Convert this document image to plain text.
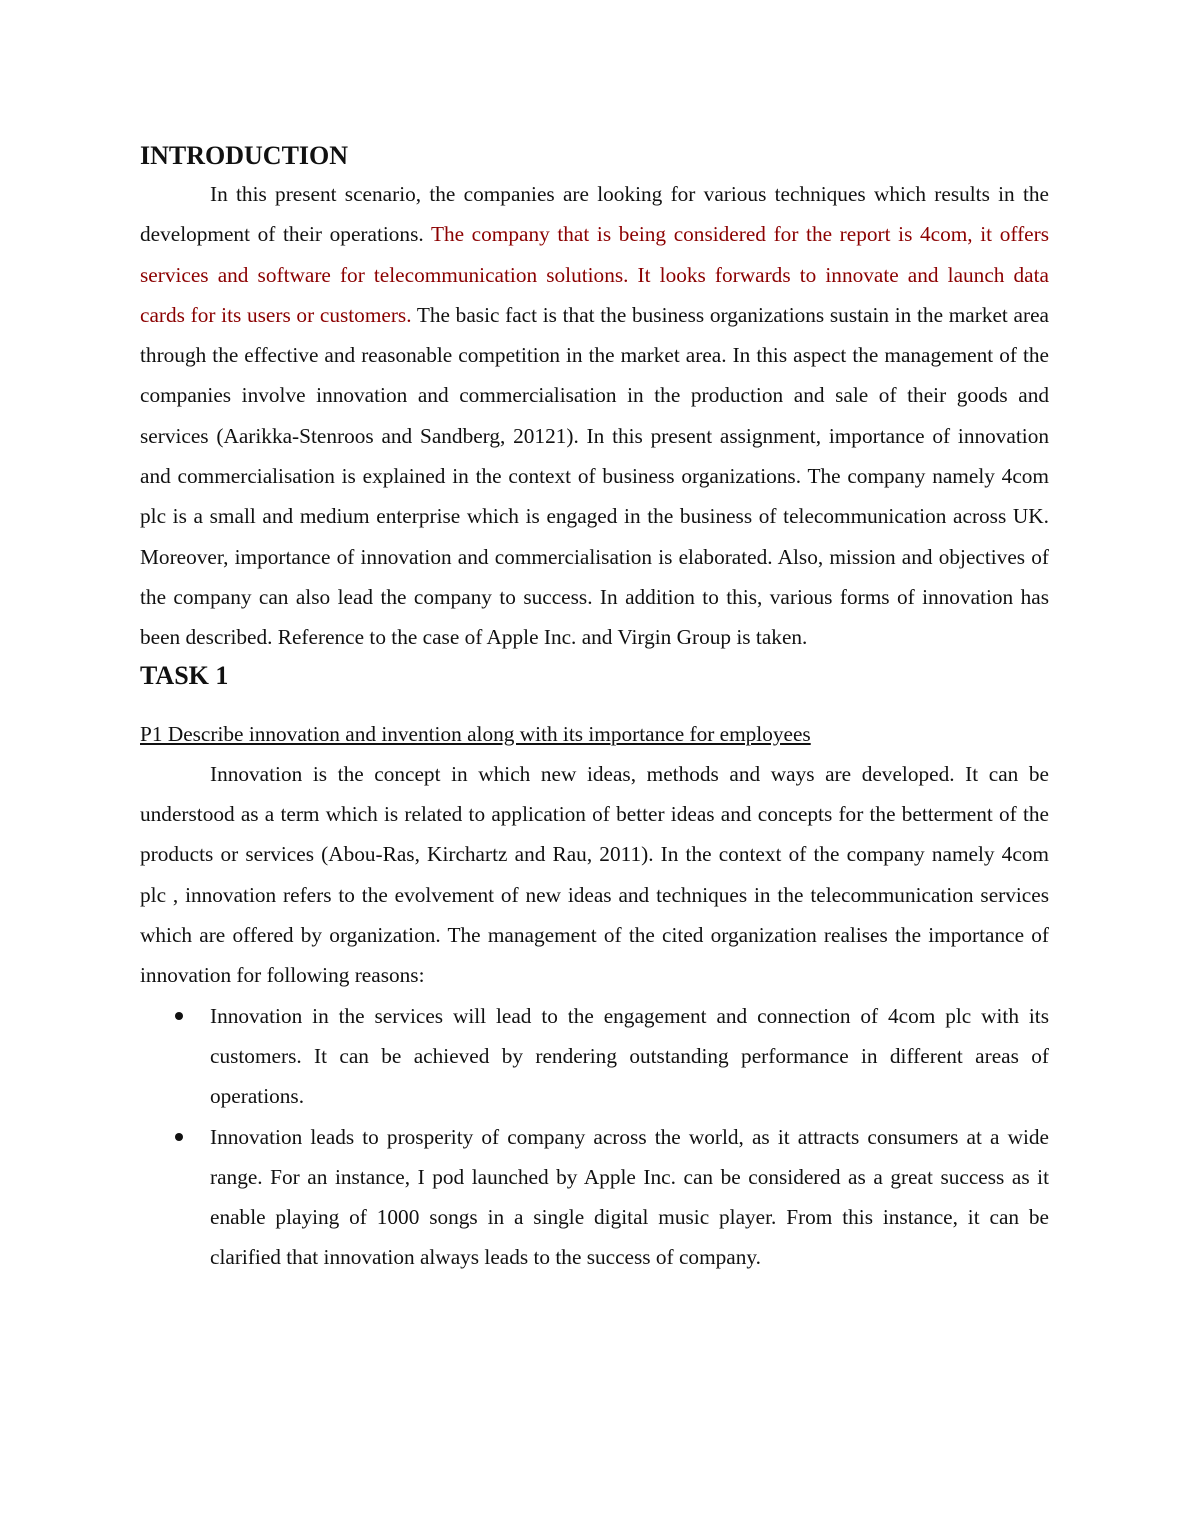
INTRODUCTION

In this present scenario, the companies are looking for various techniques which results in the development of their operations. The company that is being considered for the report is 4com, it offers services and software for telecommunication solutions. It looks forwards to innovate and launch data cards for its users or customers. The basic fact is that the business organizations sustain in the market area through the effective and reasonable competition in the market area. In this aspect the management of the companies involve innovation and commercialisation in the production and sale of their goods and services (Aarikka-Stenroos and Sandberg, 20121). In this present assignment, importance of innovation and commercialisation is explained in the context of business organizations. The company namely 4com plc is a small and medium enterprise which is engaged in the business of telecommunication across UK. Moreover, importance of innovation and commercialisation is elaborated. Also, mission and objectives of the company can also lead the company to success. In addition to this, various forms of innovation has been described. Reference to the case of Apple Inc. and Virgin Group is taken.

TASK 1

P1 Describe innovation and invention along with its importance for employees

Innovation is the concept in which new ideas, methods and ways are developed. It can be understood as a term which is related to application of better ideas and concepts for the betterment of the products or services (Abou-Ras, Kirchartz and Rau, 2011). In the context of the company namely 4com plc , innovation refers to the evolvement of new ideas and techniques in the telecommunication services which are offered by organization. The management of the cited organization realises the importance of innovation for following reasons:

Innovation in the services will lead to the engagement and connection of 4com plc with its customers. It can be achieved by rendering outstanding performance in different areas of operations.
Innovation leads to prosperity of company across the world, as it attracts consumers at a wide range. For an instance, I pod launched by Apple Inc. can be considered as a great success as it enable playing of 1000 songs in a single digital music player. From this instance, it can be clarified that innovation always leads to the success of company.
